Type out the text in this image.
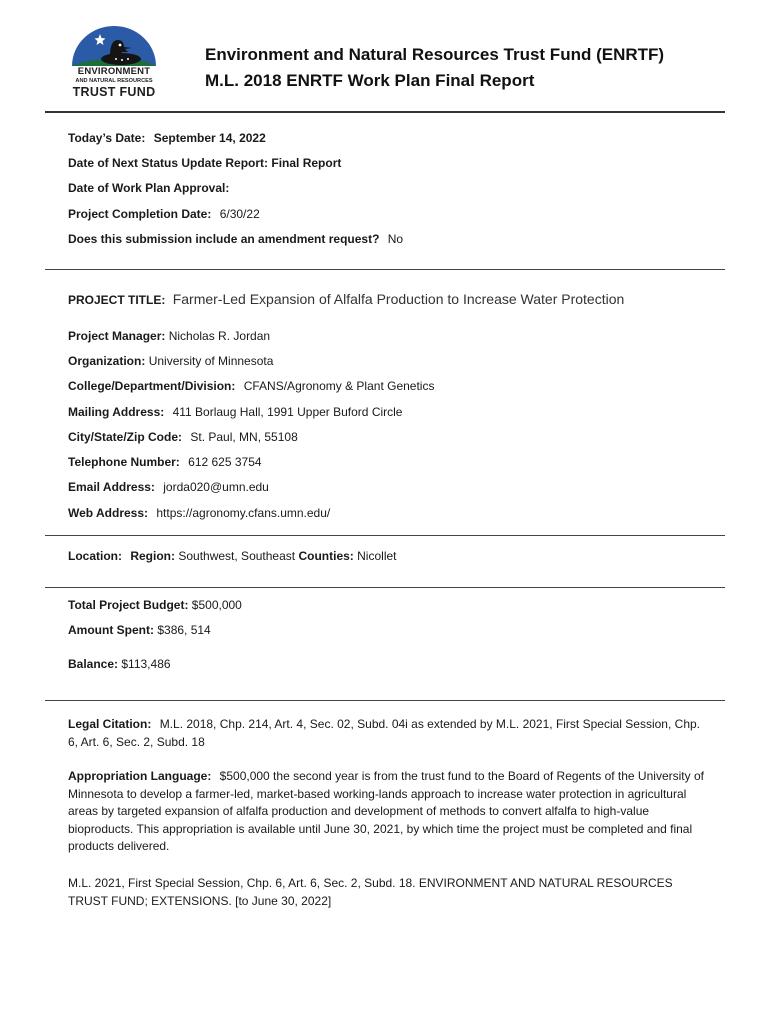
ENVIRONMENT
AND NATURAL RESOURCES
TRUST FUND
Environment and Natural Resources Trust Fund (ENRTF)
M.L. 2018 ENRTF Work Plan Final Report
Today’s Date: September 14, 2022
Date of Next Status Update Report: Final Report
Date of Work Plan Approval:
Project Completion Date: 6/30/22
Does this submission include an amendment request? No
PROJECT TITLE: Farmer-Led Expansion of Alfalfa Production to Increase Water Protection
Project Manager: Nicholas R. Jordan
Organization: University of Minnesota
College/Department/Division: CFANS/Agronomy & Plant Genetics
Mailing Address: 411 Borlaug Hall, 1991 Upper Buford Circle
City/State/Zip Code: St. Paul, MN, 55108
Telephone Number: 612 625 3754
Email Address: jorda020@umn.edu
Web Address: https://agronomy.cfans.umn.edu/
Location: Region: Southwest, Southeast Counties: Nicollet
Total Project Budget: $500,000
Amount Spent: $386, 514
Balance: $113,486
Legal Citation: M.L. 2018, Chp. 214, Art. 4, Sec. 02, Subd. 04i as extended by M.L. 2021, First Special Session, Chp. 6, Art. 6, Sec. 2, Subd. 18
Appropriation Language: $500,000 the second year is from the trust fund to the Board of Regents of the University of Minnesota to develop a farmer-led, market-based working-lands approach to increase water protection in agricultural areas by targeted expansion of alfalfa production and development of methods to convert alfalfa to high-value bioproducts. This appropriation is available until June 30, 2021, by which time the project must be completed and final products delivered.
M.L. 2021, First Special Session, Chp. 6, Art. 6, Sec. 2, Subd. 18. ENVIRONMENT AND NATURAL RESOURCES TRUST FUND; EXTENSIONS. [to June 30, 2022]
